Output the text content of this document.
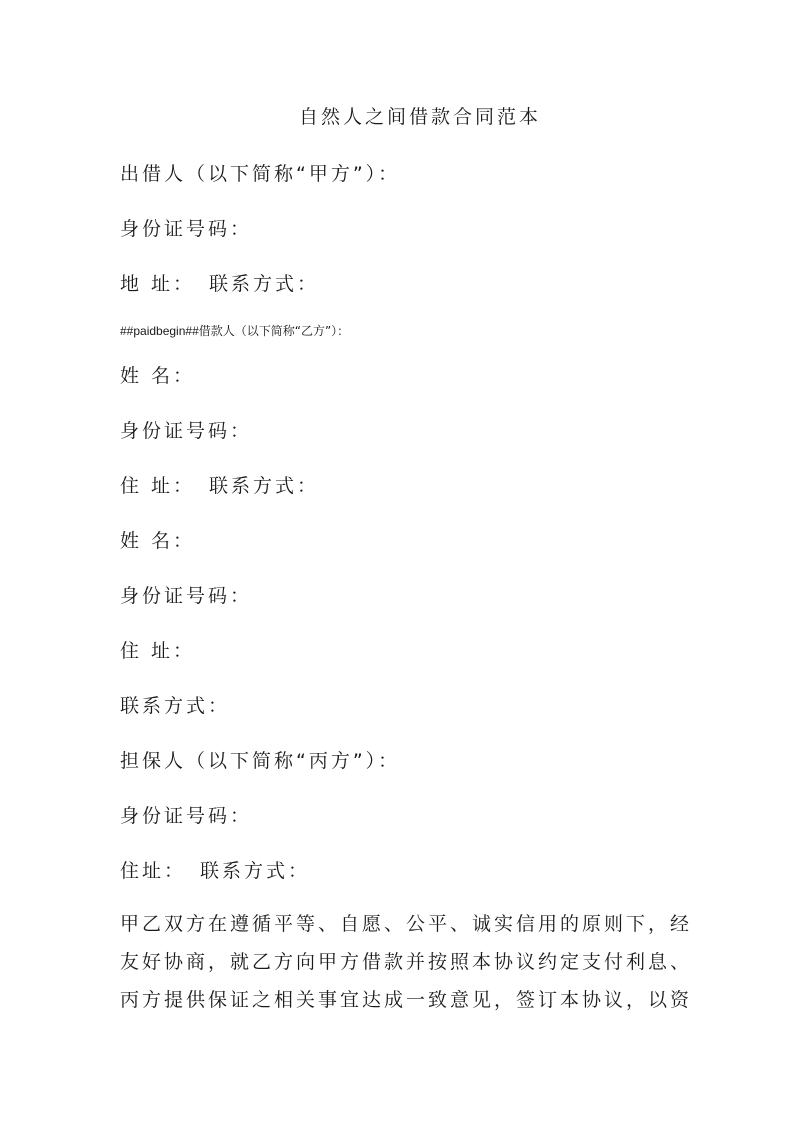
自然人之间借款合同范本
出借人（以下简称“甲方”）：
身份证号码：
地 址： 联系方式：
##paidbegin##借款人（以下简称“乙方”）：
姓 名：
身份证号码：
住 址： 联系方式：
姓 名：
身份证号码：
住 址：
联系方式：
担保人（以下简称“丙方”）：
身份证号码：
住址： 联系方式：
甲乙双方在遵循平等、自愿、公平、诚实信用的原则下，经
友好协商，就乙方向甲方借款并按照本协议约定支付利息、
丙方提供保证之相关事宜达成一致意见，签订本协议，以资
